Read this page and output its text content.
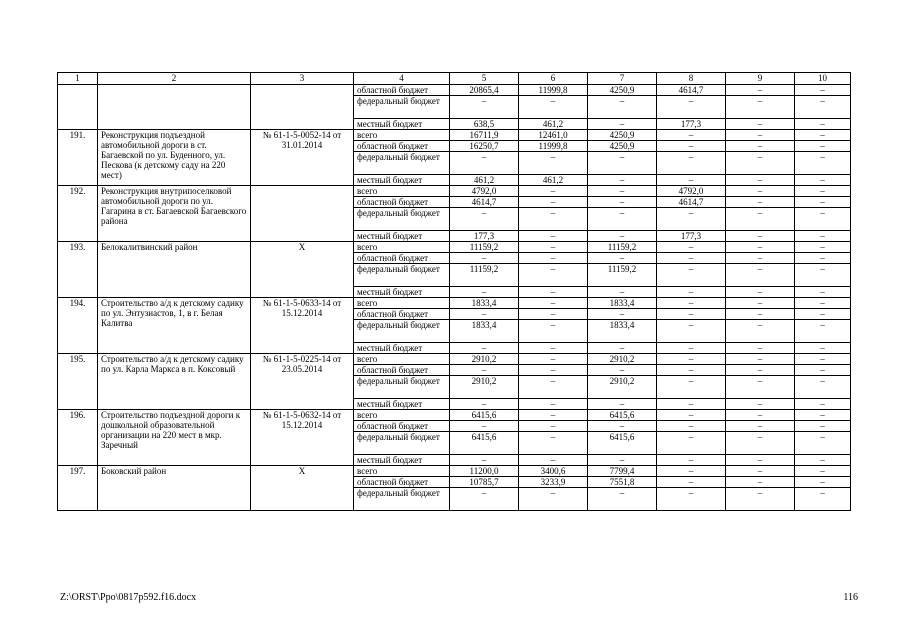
1	2	3	4	5	6	7	8	9	10
			областной бюджет	20865,4	11999,8	4250,9	4614,7	–	–
			федеральный бюджет	–	–	–	–	–	–
			местный бюджет	638,5	461,2	–	177,3	–	–
191.	Реконструкция подъездной автомобильной дороги в ст. Багаевской по ул. Буденного, ул. Пескова (к детскому саду на 220 мест)	№ 61-1-5-0052-14 от 31.01.2014	всего	16711,9	12461,0	4250,9	–	–	–
			областной бюджет	16250,7	11999,8	4250,9	–	–	–
			федеральный бюджет	–	–	–	–	–	–
			местный бюджет	461,2	461,2	–	–	–	–
192.	Реконструкция внутрипоселковой автомобильной дороги по ул. Гагарина в ст. Багаевской Багаевского района		всего	4792,0	–	–	4792,0	–	–
			областной бюджет	4614,7	–	–	4614,7	–	–
			федеральный бюджет	–	–	–	–	–	–
			местный бюджет	177,3	–	–	177,3	–	–
193.	Белокалитвинский район	Х	всего	11159,2	–	11159,2	–	–	–
			областной бюджет	–	–	–	–	–	–
			федеральный бюджет	11159,2	–	11159,2	–	–	–
			местный бюджет	–	–	–	–	–	–
194.	Строительство а/д к детскому садику по ул. Энтузиастов, 1, в г. Белая Калитва	№ 61-1-5-0633-14 от 15.12.2014	всего	1833,4	–	1833,4	–	–	–
			областной бюджет	–	–	–	–	–	–
			федеральный бюджет	1833,4	–	1833,4	–	–	–
			местный бюджет	–	–	–	–	–	–
195.	Строительство а/д к детскому садику по ул. Карла Маркса в п. Коксовый	№ 61-1-5-0225-14 от 23.05.2014	всего	2910,2	–	2910,2	–	–	–
			областной бюджет	–	–	–	–	–	–
			федеральный бюджет	2910,2	–	2910,2	–	–	–
			местный бюджет	–	–	–	–	–	–
196.	Строительство подъездной дороги к дошкольной образовательной организации на 220 мест в мкр. Заречный	№ 61-1-5-0632-14 от 15.12.2014	всего	6415,6	–	6415,6	–	–	–
			областной бюджет	–	–	–	–	–	–
			федеральный бюджет	6415,6	–	6415,6	–	–	–
			местный бюджет	–	–	–	–	–	–
197.	Боковский район	Х	всего	11200,0	3400,6	7799,4	–	–	–
			областной бюджет	10785,7	3233,9	7551,8	–	–	–
			федеральный бюджет	–	–	–	–	–	–
Z:\ORST\Ppo\0817p592.f16.docx	116
